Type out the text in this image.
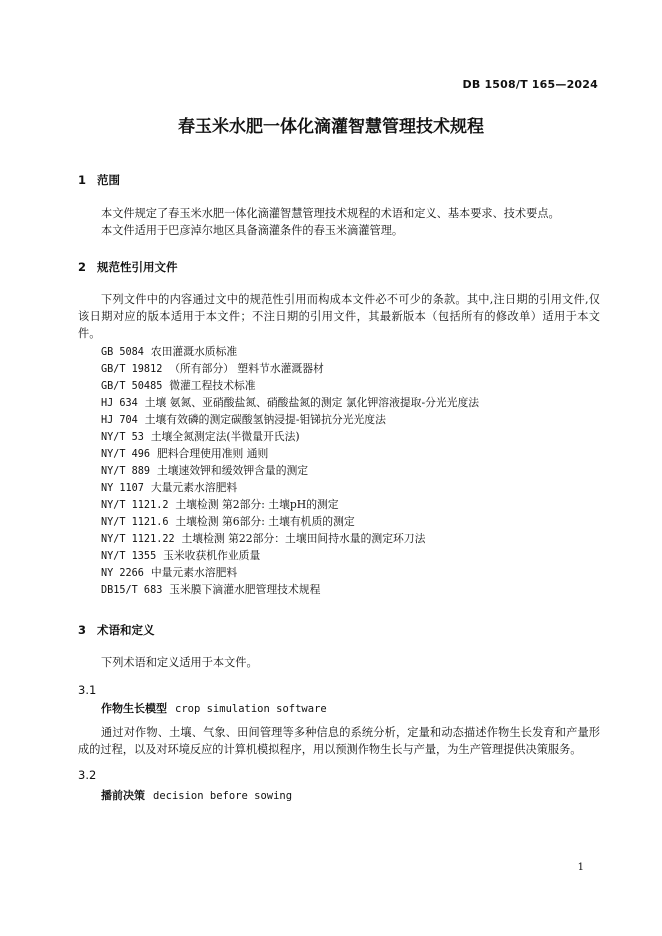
DB 1508/T 165—2024
春玉米水肥一体化滴灌智慧管理技术规程
1 范围
本文件规定了春玉米水肥一体化滴灌智慧管理技术规程的术语和定义、基本要求、技术要点。
本文件适用于巴彦淖尔地区具备滴灌条件的春玉米滴灌管理。
2 规范性引用文件
下列文件中的内容通过文中的规范性引用而构成本文件必不可少的条款。其中,注日期的引用文件,仅该日期对应的版本适用于本文件；不注日期的引用文件，其最新版本（包括所有的修改单）适用于本文件。
GB 5084 农田灌溉水质标准
GB/T 19812 （所有部分） 塑料节水灌溉器材
GB/T 50485 微灌工程技术标准
HJ 634 土壤 氨氮、亚硝酸盐氮、硝酸盐氮的测定 氯化钾溶液提取-分光光度法
HJ 704 土壤有效磷的测定碳酸氢钠浸提-钼锑抗分光光度法
NY/T 53 土壤全氮测定法(半微量开氏法)
NY/T 496 肥料合理使用准则 通则
NY/T 889 土壤速效钾和缓效钾含量的测定
NY 1107 大量元素水溶肥料
NY/T 1121.2 土壤检测 第2部分: 土壤pH的测定
NY/T 1121.6 土壤检测 第6部分: 土壤有机质的测定
NY/T 1121.22 土壤检测 第22部分：土壤田间持水量的测定环刀法
NY/T 1355 玉米收获机作业质量
NY 2266 中量元素水溶肥料
DB15/T 683 玉米膜下滴灌水肥管理技术规程
3 术语和定义
下列术语和定义适用于本文件。
3.1
作物生长模型 crop simulation software
通过对作物、土壤、气象、田间管理等多种信息的系统分析，定量和动态描述作物生长发育和产量形成的过程，以及对环境反应的计算机模拟程序，用以预测作物生长与产量，为生产管理提供决策服务。
3.2
播前决策 decision before sowing
1
